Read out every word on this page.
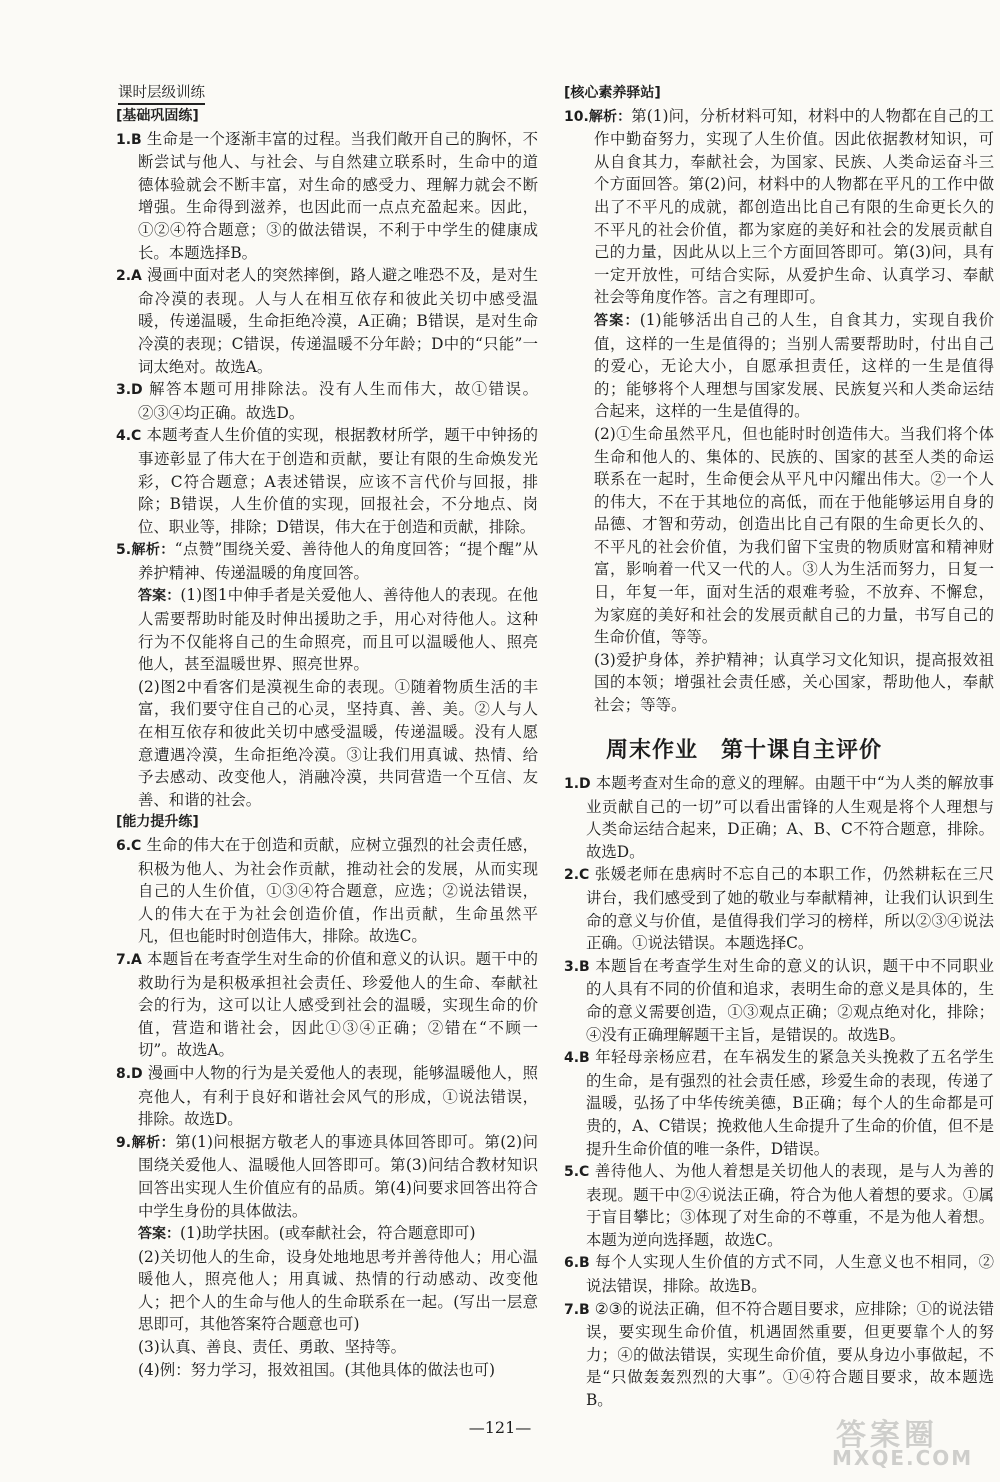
课时层级训练

[基础巩固练]

1.B 生命是一个逐渐丰富的过程。当我们敞开自己的胸怀，不断尝试与他人、与社会、与自然建立联系时，生命中的道德体验就会不断丰富，对生命的感受力、理解力就会不断增强。生命得到滋养，也因此而一点点充盈起来。因此，①②④符合题意；③的做法错误，不利于中学生的健康成长。本题选择B。

2.A 漫画中面对老人的突然摔倒，路人避之唯恐不及，是对生命冷漠的表现。人与人在相互依存和彼此关切中感受温暖，传递温暖，生命拒绝冷漠，A正确；B错误，是对生命冷漠的表现；C错误，传递温暖不分年龄；D中的“只能”一词太绝对。故选A。

3.D 解答本题可用排除法。没有人生而伟大，故①错误。②③④均正确。故选D。

4.C 本题考查人生价值的实现，根据教材所学，题干中钟扬的事迹彰显了伟大在于创造和贡献，要让有限的生命焕发光彩，C符合题意；A表述错误，应该不言代价与回报，排除；B错误，人生价值的实现，回报社会，不分地点、岗位、职业等，排除；D错误，伟大在于创造和贡献，排除。

5.解析：“点赞”围绕关爱、善待他人的角度回答；“提个醒”从养护精神、传递温暖的角度回答。

答案：(1)图1中伸手者是关爱他人、善待他人的表现。在他人需要帮助时能及时伸出援助之手，用心对待他人。这种行为不仅能将自己的生命照亮，而且可以温暖他人、照亮他人，甚至温暖世界、照亮世界。

(2)图2中看客们是漠视生命的表现。①随着物质生活的丰富，我们要守住自己的心灵，坚持真、善、美。②人与人在相互依存和彼此关切中感受温暖，传递温暖。没有人愿意遭遇冷漠，生命拒绝冷漠。③让我们用真诚、热情、给予去感动、改变他人，消融冷漠，共同营造一个互信、友善、和谐的社会。

[能力提升练]

6.C 生命的伟大在于创造和贡献，应树立强烈的社会责任感，积极为他人、为社会作贡献，推动社会的发展，从而实现自己的人生价值，①③④符合题意，应选；②说法错误，人的伟大在于为社会创造价值，作出贡献，生命虽然平凡，但也能时时创造伟大，排除。故选C。

7.A 本题旨在考查学生对生命的价值和意义的认识。题干中的救助行为是积极承担社会责任、珍爱他人的生命、奉献社会的行为，这可以让人感受到社会的温暖，实现生命的价值，营造和谐社会，因此①③④正确；②错在“不顾一切”。故选A。

8.D 漫画中人物的行为是关爱他人的表现，能够温暖他人，照亮他人，有利于良好和谐社会风气的形成，①说法错误，排除。故选D。

9.解析：第(1)问根据方敬老人的事迹具体回答即可。第(2)问围绕关爱他人、温暖他人回答即可。第(3)问结合教材知识回答出实现人生价值应有的品质。第(4)问要求回答出符合中学生身份的具体做法。

答案：(1)助学扶困。(或奉献社会，符合题意即可)

(2)关切他人的生命，设身处地地思考并善待他人；用心温暖他人，照亮他人；用真诚、热情的行动感动、改变他人；把个人的生命与他人的生命联系在一起。(写出一层意思即可，其他答案符合题意也可)

(3)认真、善良、责任、勇敢、坚持等。

(4)例：努力学习，报效祖国。(其他具体的做法也可)

[核心素养驿站]

10.解析：第(1)问，分析材料可知，材料中的人物都在自己的工作中勤奋努力，实现了人生价值。因此依据教材知识，可从自食其力，奉献社会，为国家、民族、人类命运奋斗三个方面回答。第(2)问，材料中的人物都在平凡的工作中做出了不平凡的成就，都创造出比自己有限的生命更长久的不平凡的社会价值，都为家庭的美好和社会的发展贡献自己的力量，因此从以上三个方面回答即可。第(3)问，具有一定开放性，可结合实际，从爱护生命、认真学习、奉献社会等角度作答。言之有理即可。

答案：(1)能够活出自己的人生，自食其力，实现自我价值，这样的一生是值得的；当别人需要帮助时，付出自己的爱心，无论大小，自愿承担责任，这样的一生是值得的；能够将个人理想与国家发展、民族复兴和人类命运结合起来，这样的一生是值得的。

(2)①生命虽然平凡，但也能时时创造伟大。当我们将个体生命和他人的、集体的、民族的、国家的甚至人类的命运联系在一起时，生命便会从平凡中闪耀出伟大。②一个人的伟大，不在于其地位的高低，而在于他能够运用自身的品德、才智和劳动，创造出比自己有限的生命更长久的、不平凡的社会价值，为我们留下宝贵的物质财富和精神财富，影响着一代又一代的人。③人为生活而努力，日复一日，年复一年，面对生活的艰难考验，不放弃、不懈怠，为家庭的美好和社会的发展贡献自己的力量，书写自己的生命价值，等等。

(3)爱护身体，养护精神；认真学习文化知识，提高报效祖国的本领；增强社会责任感，关心国家，帮助他人，奉献社会；等等。

周末作业　第十课自主评价

1.D 本题考查对生命的意义的理解。由题干中“为人类的解放事业贡献自己的一切”可以看出雷锋的人生观是将个人理想与人类命运结合起来，D正确；A、B、C不符合题意，排除。故选D。

2.C 张媛老师在患病时不忘自己的本职工作，仍然耕耘在三尺讲台，我们感受到了她的敬业与奉献精神，让我们认识到生命的意义与价值，是值得我们学习的榜样，所以②③④说法正确。①说法错误。本题选择C。

3.B 本题旨在考查学生对生命的意义的认识，题干中不同职业的人具有不同的价值和追求，表明生命的意义是具体的，生命的意义需要创造，①③观点正确；②观点绝对化，排除；④没有正确理解题干主旨，是错误的。故选B。

4.B 年轻母亲杨应君，在车祸发生的紧急关头挽救了五名学生的生命，是有强烈的社会责任感，珍爱生命的表现，传递了温暖，弘扬了中华传统美德，B正确；每个人的生命都是可贵的，A、C错误；挽救他人生命提升了生命的价值，但不是提升生命价值的唯一条件，D错误。

5.C 善待他人、为他人着想是关切他人的表现，是与人为善的表现。题干中②④说法正确，符合为他人着想的要求。①属于盲目攀比；③体现了对生命的不尊重，不是为他人着想。本题为逆向选择题，故选C。

6.B 每个人实现人生价值的方式不同，人生意义也不相同，②说法错误，排除。故选B。

7.B ②③的说法正确，但不符合题目要求，应排除；①的说法错误，要实现生命价值，机遇固然重要，但更要靠个人的努力；④的做法错误，实现生命价值，要从身边小事做起，不是“只做轰轰烈烈的大事”。①④符合题目要求，故本题选B。

—121—	答案圈
MXQE.COM
